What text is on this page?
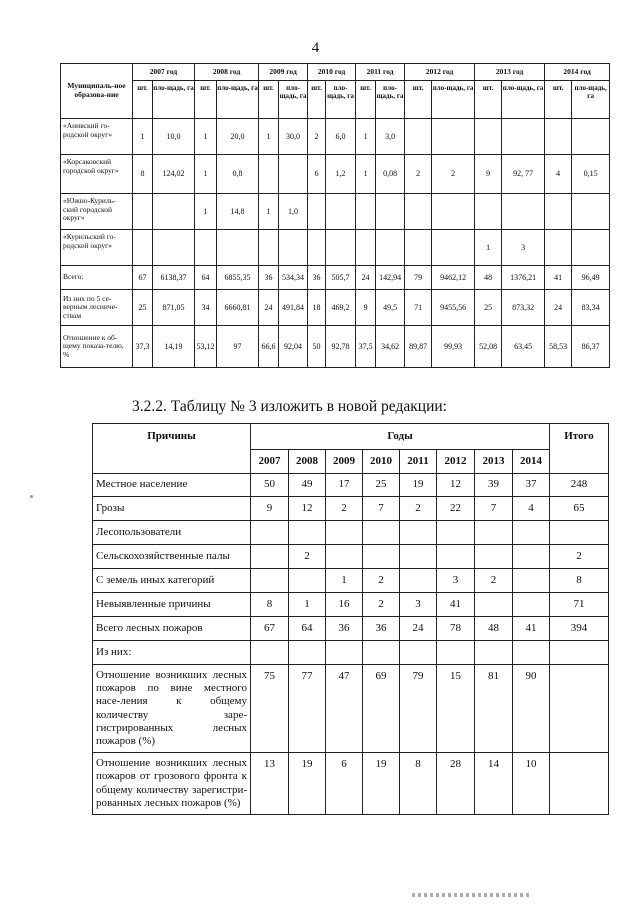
4
Муниципаль-ное образова-ние	2007 год		2008 год		2009 год		2010 год		2011 год		2012 год		2013 год		2014 год	
	шт.	пло-щадь, га	шт.	пло-щадь, га	шт.	пло-щадь, га	шт.	пло-щадь, га	шт.	пло-щадь, га	шт.	пло-щадь, га	шт.	пло-щадь, га	шт.	пло-щадь, га
«Анивский го-родской округ»	1	10,0	1	20,0	1	30,0	2	6,0	1	3,0						
«Корсаковский городской округ»	8	124,02	1	0,8			6	1,2	1	0,08	2	2	9	92, 77	4	0,15
«Южно-Куриль-ский городской округ»			1	14,8	1	1,0										
«Курильский го-родской округ»													1	3		
Всего:	67	6138,37	64	6855,35	36	534,34	36	505,7	24	142,94	79	9462,12	48	1376,21	41	96,49
Из них по 5 се-верным лесниче-ствам	25	871,05	34	6660,81	24	491,84	18	469,2	9	49,5	71	9455,56	25	873,32	24	83,34
Отношение к об-щему показа-телю, %	37,3	14,19	53,12	97	66,6	92,04	50	92,78	37,5	34,62	89,87	99,93	52,08	63,45	58,53	86,37
3.2.2. Таблицу № 3 изложить в новой редакции:
Причины	Годы								Итого
	2007	2008	2009	2010	2011	2012	2013	2014	
Местное население	50	49	17	25	19	12	39	37	248
Грозы	9	12	2	7	2	22	7	4	65
Лесопользователи									
Сельскохозяйственные палы		2							2
С земель иных категорий			1	2		3	2		8
Невыявленные причины	8	1	16	2	3	41			71
Всего лесных пожаров	67	64	36	36	24	78	48	41	394
Из них:									
Отношение возникших лесных пожаров по вине местного насе-ления к общему количеству заре-гистрированных лесных пожаров (%)	75	77	47	69	79	15	81	90	
Отношение возникших лесных пожаров от грозового фронта к общему количеству зарегистри-рованных лесных пожаров (%)	13	19	6	19	8	28	14	10	
